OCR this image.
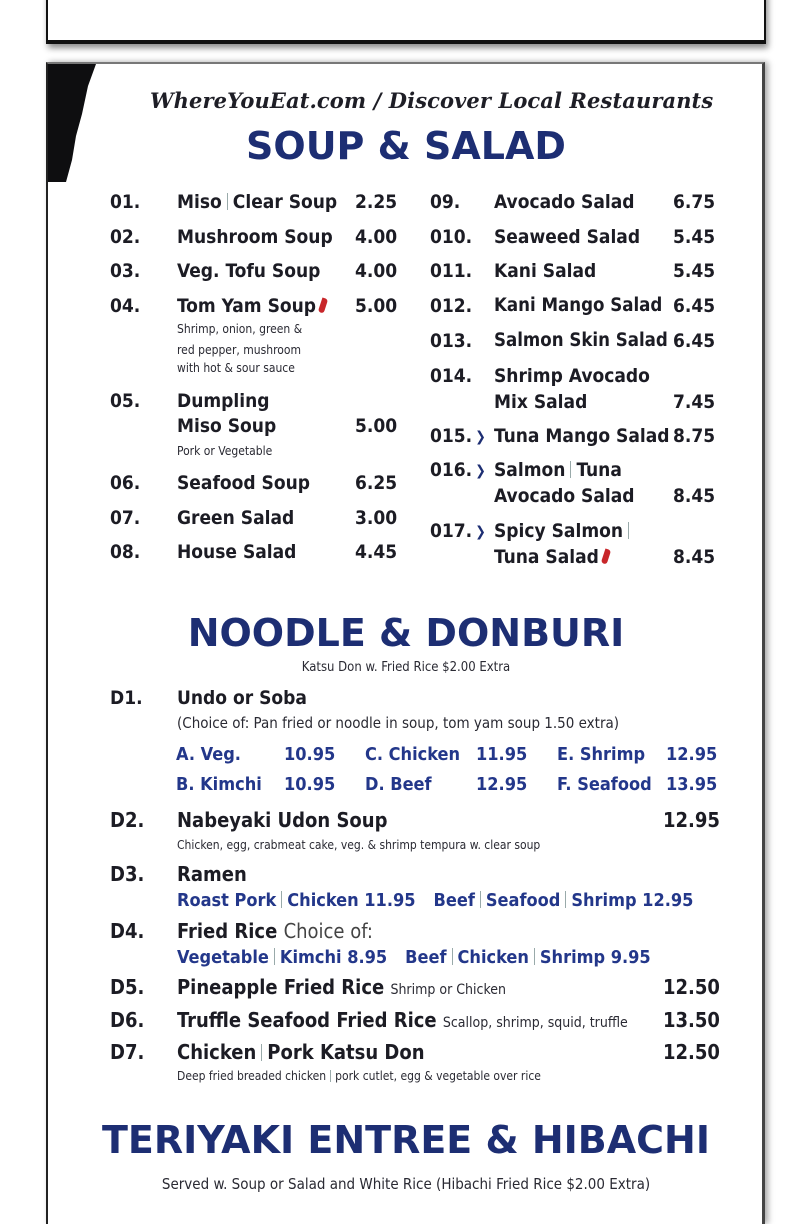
WhereYouEat.com / Discover Local Restaurants
SOUP & SALAD
01. Miso Clear Soup 2.25
02. Mushroom Soup 4.00
03. Veg. Tofu Soup 4.00
04. Tom Yam Soup	5.00
Shrimp, onion, green &
red pepper, mushroom
with hot & sour sauce
05. Dumpling
Miso Soup	5.00
Pork or Vegetable
06. Seafood Soup 6.25
07. Green Salad	3.00
08. House Salad	4.45
09. Avocado Salad 6.75
010. Seaweed Salad 5.45
011. Kani Salad	5.45
012. Kani Mango Salad 6.45
013. Salmon Skin Salad 6.45
014. Shrimp Avocado
Mix Salad	7.45
015. ❯ Tuna Mango Salad 8.75
016. ❯ Salmon Tuna
Avocado Salad 8.45
017. ❯ Spicy Salmon
Tuna Salad	8.45
NOODLE & DONBURI
Katsu Don w. Fried Rice $2.00 Extra
D1. Undo or Soba
(Choice of: Pan fried or noodle in soup, tom yam soup 1.50 extra)
A. Veg. 10.95 C. Chicken 11.95 E. Shrimp 12.95
B. Kimchi 10.95 D. Beef 12.95 F. Seafood 13.95
D2. Nabeyaki Udon Soup	12.95
Chicken, egg, crabmeat cake, veg. & shrimp tempura w. clear soup
D3. Ramen
Roast Pork Chicken 11.95 Beef Seafood Shrimp 12.95
D4. Fried Rice Choice of:
Vegetable Kimchi 8.95 Beef Chicken Shrimp 9.95
D5. Pineapple Fried Rice Shrimp or Chicken	12.50
D6. Truffle Seafood Fried Rice Scallop, shrimp, squid, truffle 13.50
D7. Chicken Pork Katsu Don	12.50
Deep fried breaded chicken pork cutlet, egg & vegetable over rice
TERIYAKI ENTREE & HIBACHI
Served w. Soup or Salad and White Rice (Hibachi Fried Rice $2.00 Extra)
